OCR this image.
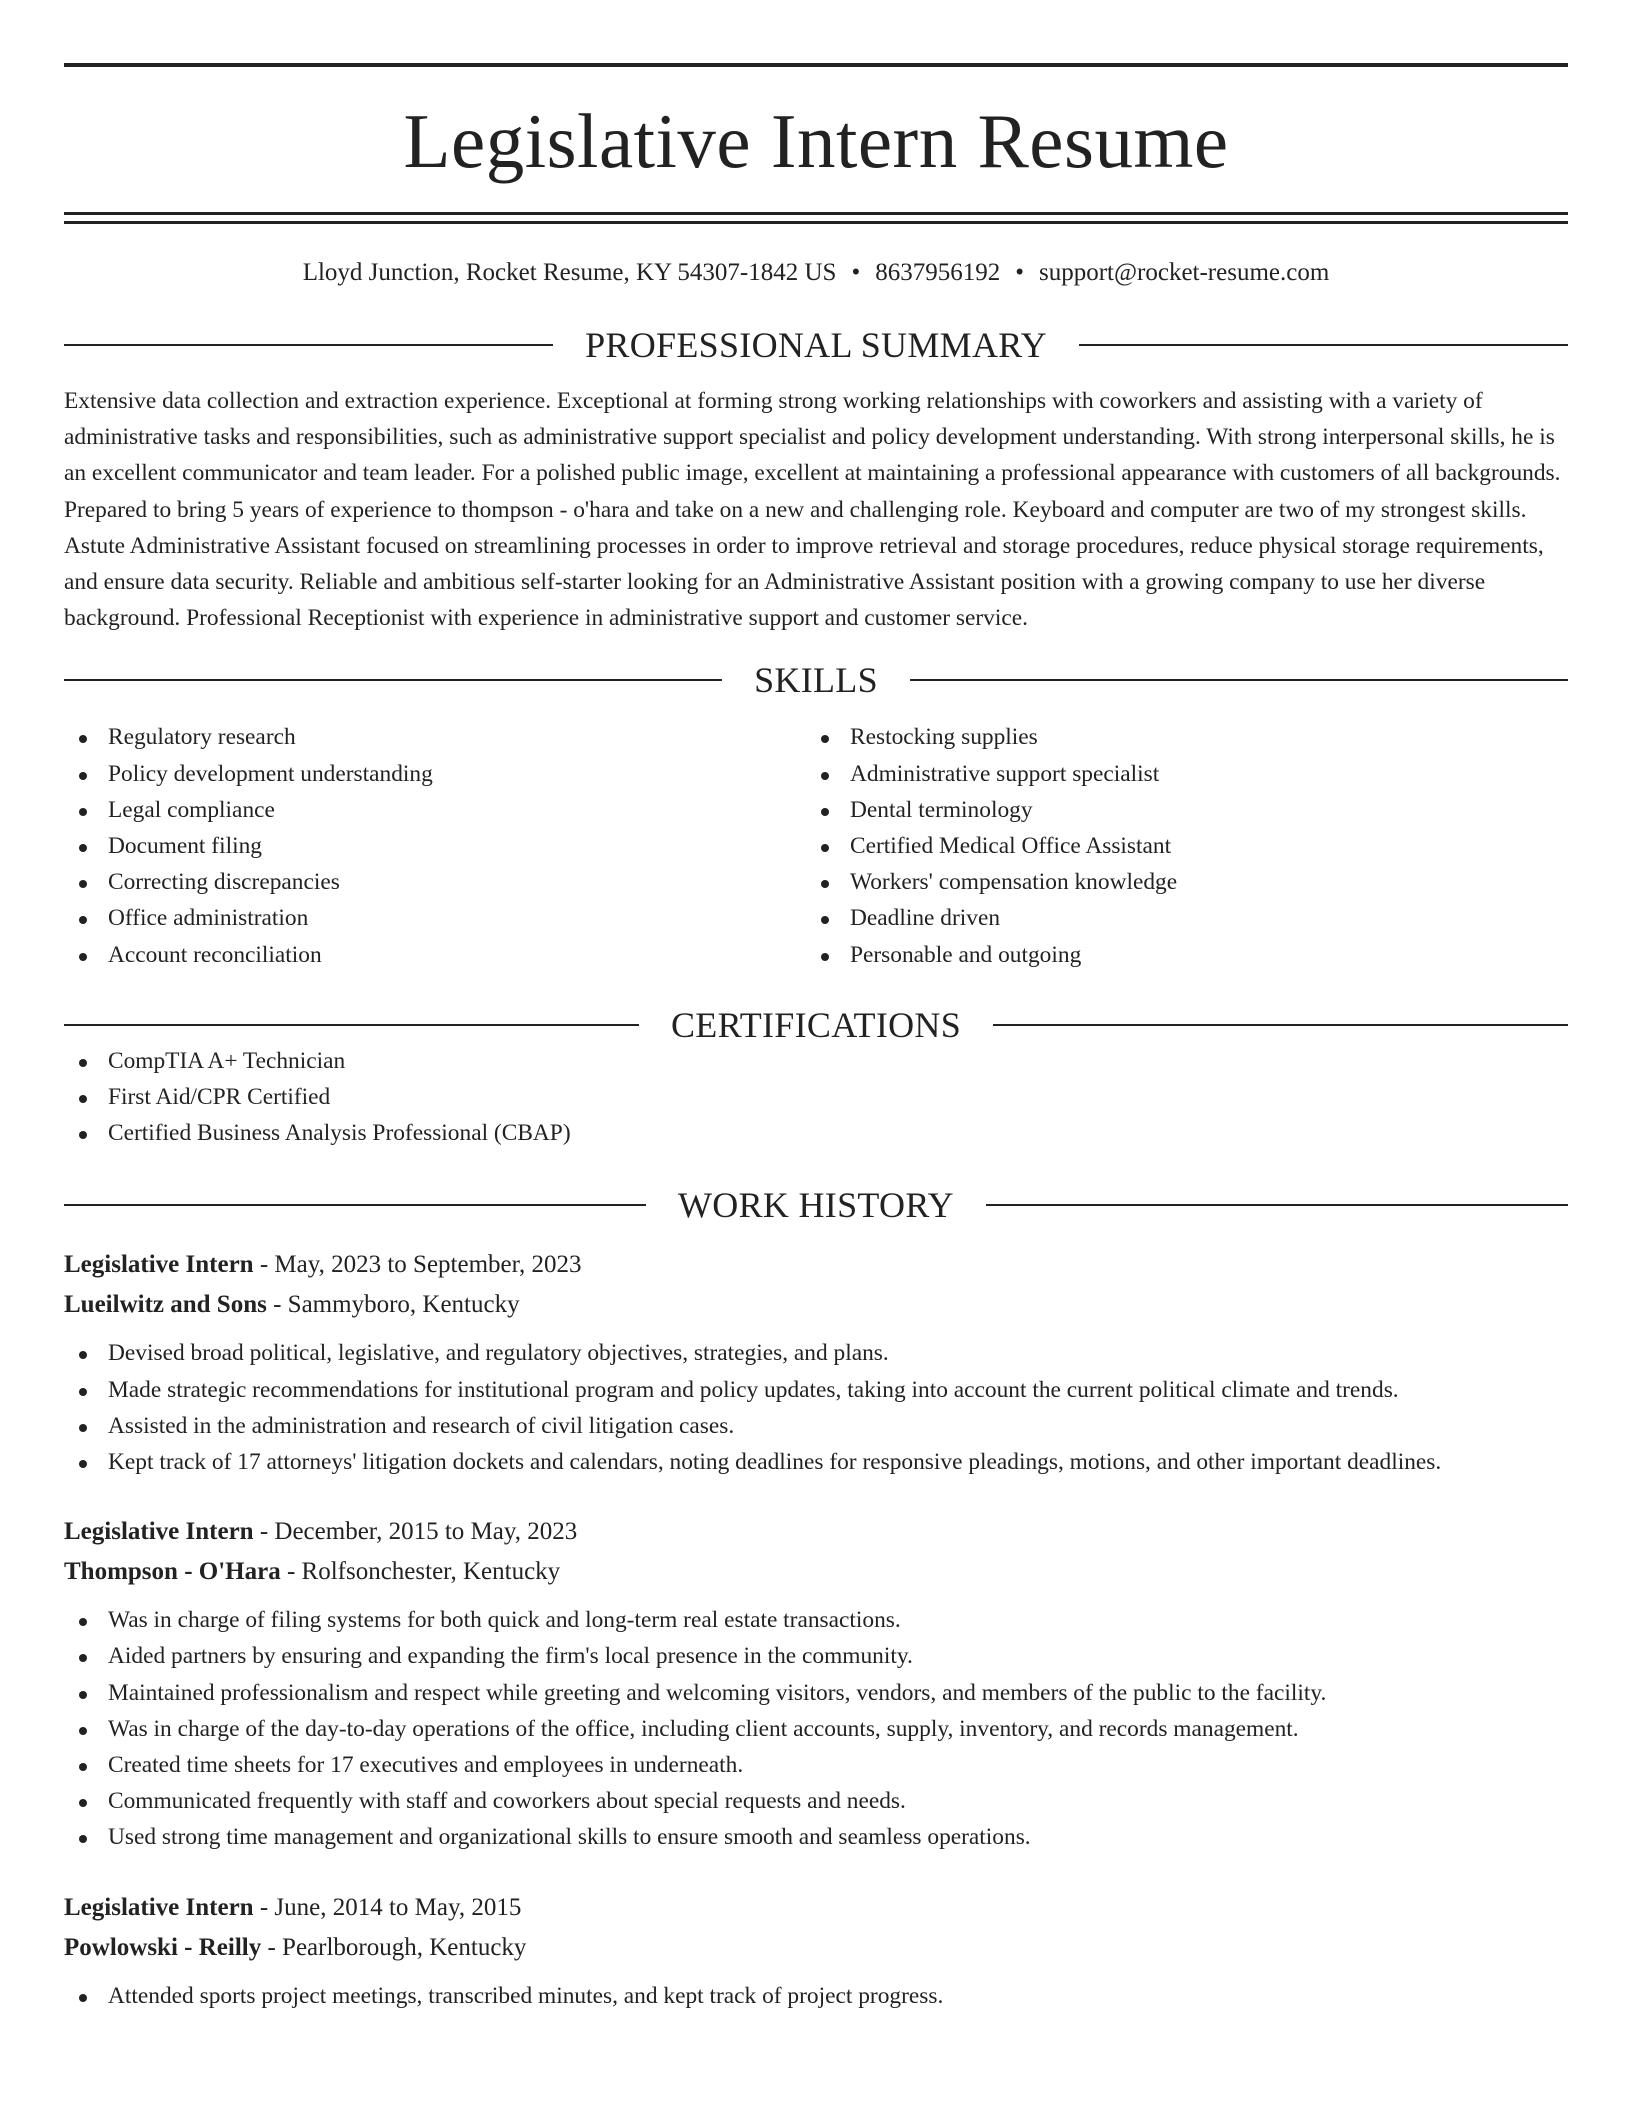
Legislative Intern Resume
Lloyd Junction, Rocket Resume, KY 54307-1842 US • 8637956192 • support@rocket-resume.com
PROFESSIONAL SUMMARY

Extensive data collection and extraction experience. Exceptional at forming strong working relationships with coworkers and assisting with a variety of administrative tasks and responsibilities, such as administrative support specialist and policy development understanding. With strong interpersonal skills, he is an excellent communicator and team leader. For a polished public image, excellent at maintaining a professional appearance with customers of all backgrounds. Prepared to bring 5 years of experience to thompson - o'hara and take on a new and challenging role. Keyboard and computer are two of my strongest skills. Astute Administrative Assistant focused on streamlining processes in order to improve retrieval and storage procedures, reduce physical storage requirements, and ensure data security. Reliable and ambitious self-starter looking for an Administrative Assistant position with a growing company to use her diverse background. Professional Receptionist with experience in administrative support and customer service.

SKILLS
Regulatory research
Policy development understanding
Legal compliance
Document filing
Correcting discrepancies
Office administration
Account reconciliation
Restocking supplies
Administrative support specialist
Dental terminology
Certified Medical Office Assistant
Workers' compensation knowledge
Deadline driven
Personable and outgoing
CERTIFICATIONS
CompTIA A+ Technician
First Aid/CPR Certified
Certified Business Analysis Professional (CBAP)
WORK HISTORY
Legislative Intern - May, 2023 to September, 2023
Lueilwitz and Sons - Sammyboro, Kentucky
Devised broad political, legislative, and regulatory objectives, strategies, and plans.
Made strategic recommendations for institutional program and policy updates, taking into account the current political climate and trends.
Assisted in the administration and research of civil litigation cases.
Kept track of 17 attorneys' litigation dockets and calendars, noting deadlines for responsive pleadings, motions, and other important deadlines.
Legislative Intern - December, 2015 to May, 2023
Thompson - O'Hara - Rolfsonchester, Kentucky
Was in charge of filing systems for both quick and long-term real estate transactions.
Aided partners by ensuring and expanding the firm's local presence in the community.
Maintained professionalism and respect while greeting and welcoming visitors, vendors, and members of the public to the facility.
Was in charge of the day-to-day operations of the office, including client accounts, supply, inventory, and records management.
Created time sheets for 17 executives and employees in underneath.
Communicated frequently with staff and coworkers about special requests and needs.
Used strong time management and organizational skills to ensure smooth and seamless operations.
Legislative Intern - June, 2014 to May, 2015
Powlowski - Reilly - Pearlborough, Kentucky
Attended sports project meetings, transcribed minutes, and kept track of project progress.
